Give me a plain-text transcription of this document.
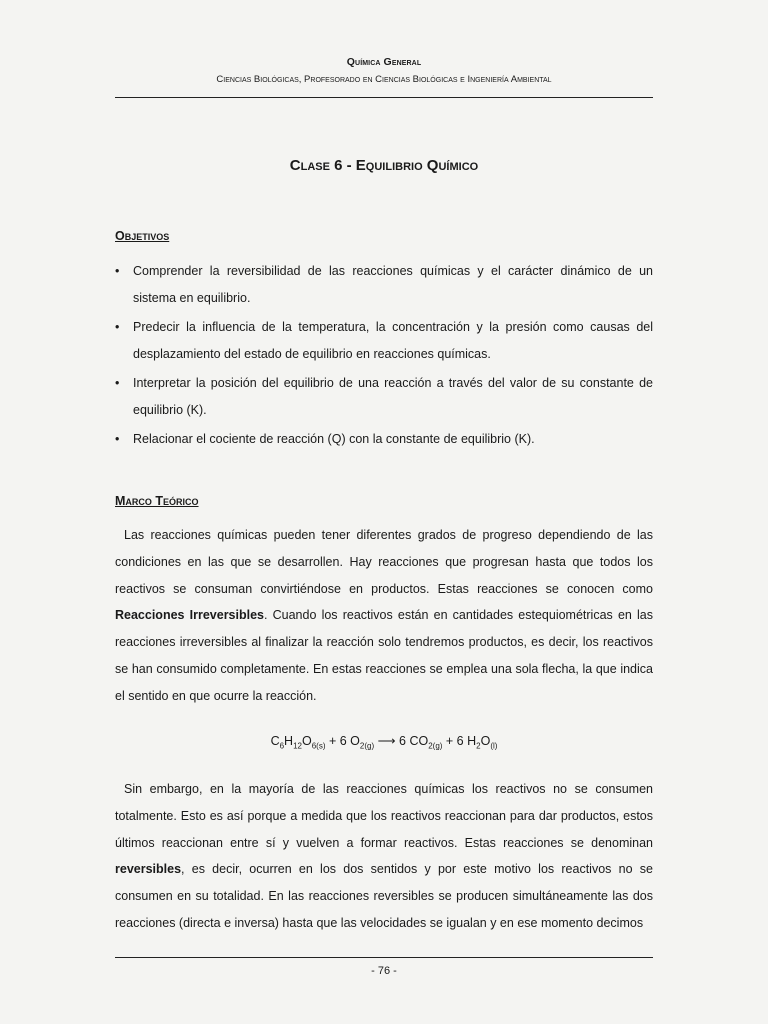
Química General
Ciencias Biológicas, Profesorado en Ciencias Biológicas e Ingeniería Ambiental
Clase 6 - Equilibrio Químico
Objetivos
• Comprender la reversibilidad de las reacciones químicas y el carácter dinámico de un sistema en equilibrio.
• Predecir la influencia de la temperatura, la concentración y la presión como causas del desplazamiento del estado de equilibrio en reacciones químicas.
• Interpretar la posición del equilibrio de una reacción a través del valor de su constante de equilibrio (K).
• Relacionar el cociente de reacción (Q) con la constante de equilibrio (K).
Marco Teórico

Las reacciones químicas pueden tener diferentes grados de progreso dependiendo de las condiciones en las que se desarrollen. Hay reacciones que progresan hasta que todos los reactivos se consuman convirtiéndose en productos. Estas reacciones se conocen como Reacciones Irreversibles. Cuando los reactivos están en cantidades estequiométricas en las reacciones irreversibles al finalizar la reacción solo tendremos productos, es decir, los reactivos se han consumido completamente. En estas reacciones se emplea una sola flecha, la que indica el sentido en que ocurre la reacción.

$C_6H_{12}O_{6(s)} + 6$ $O_{2(g)}$ ⟶ 6 $CO_{2(g)} + 6$ $H_2O_{(l)}$

Sin embargo, en la mayoría de las reacciones químicas los reactivos no se consumen totalmente. Esto es así porque a medida que los reactivos reaccionan para dar productos, estos últimos reaccionan entre sí y vuelven a formar reactivos. Estas reacciones se denominan reversibles, es decir, ocurren en los dos sentidos y por este motivo los reactivos no se consumen en su totalidad. En las reacciones reversibles se producen simultáneamente las dos reacciones (directa e inversa) hasta que las velocidades se igualan y en ese momento decimos

- 76 -
